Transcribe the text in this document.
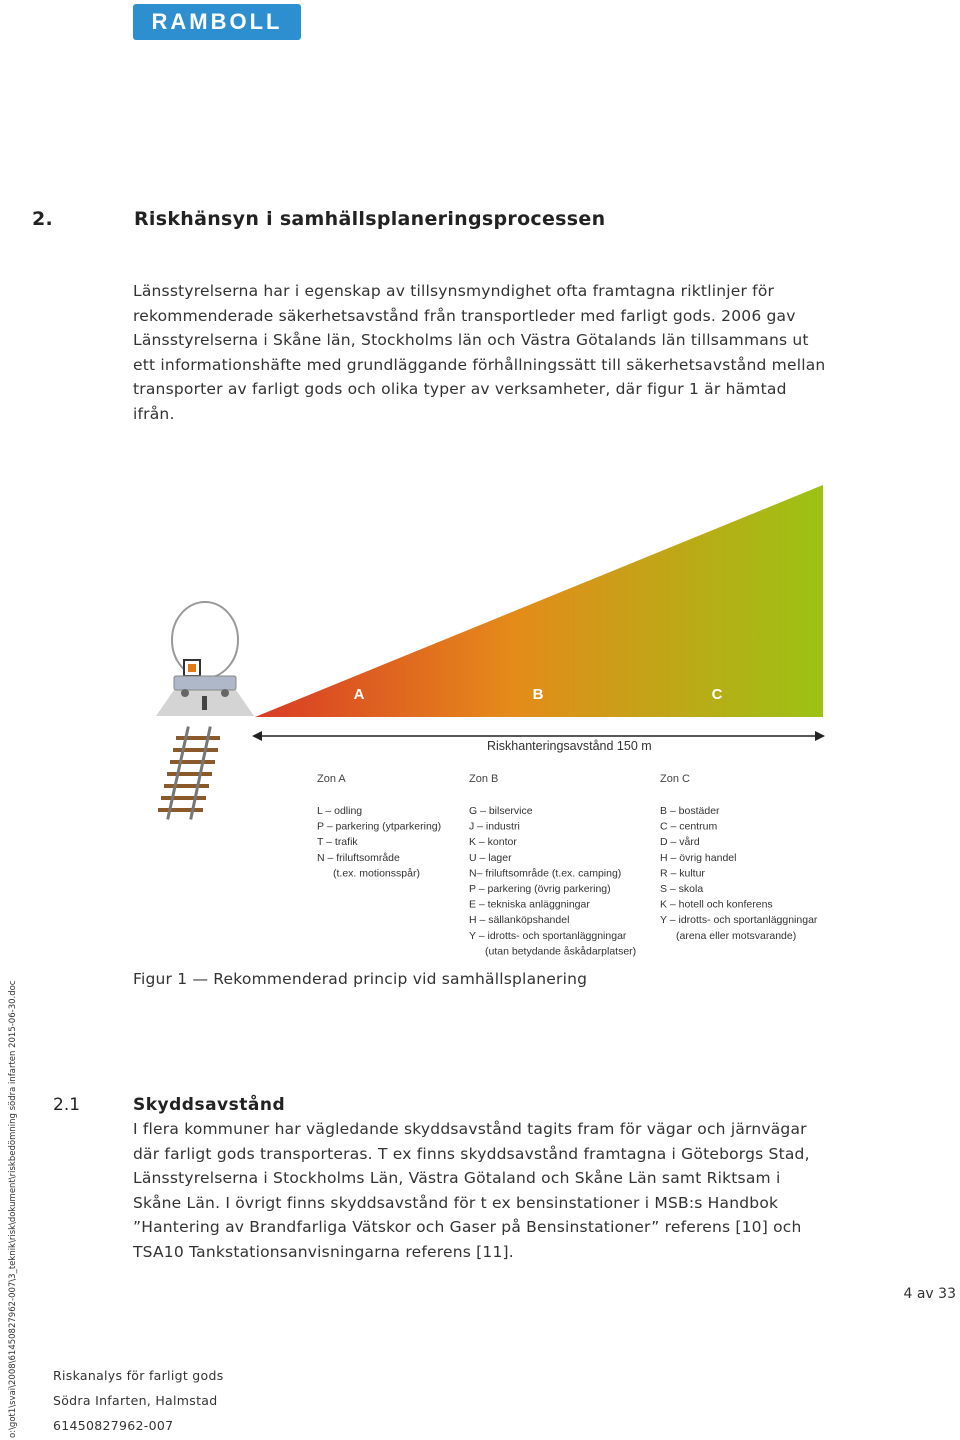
RAMBOLL
2.	Riskhänsyn i samhällsplaneringsprocessen
Länsstyrelserna har i egenskap av tillsynsmyndighet ofta framtagna riktlinjer för rekommenderade säkerhetsavstånd från transportleder med farligt gods. 2006 gav Länsstyrelserna i Skåne län, Stockholms län och Västra Götalands län tillsammans ut ett informationshäfte med grundläggande förhållningssätt till säkerhetsavstånd mellan transporter av farligt gods och olika typer av verksamheter, där figur 1 är hämtad ifrån.
A	B	C
Riskhanteringsavstånd 150 m
Zon A
L – odling
P – parkering (ytparkering)
T – trafik
N – friluftsområde
(t.ex. motionsspår)
Zon B
G – bilservice
J – industri
K – kontor
U – lager
N– friluftsområde (t.ex. camping)
P – parkering (övrig parkering)
E – tekniska anläggningar
H – sällanköpshandel
Y – idrotts- och sportanläggningar
(utan betydande åskådarplatser)
Zon C
B – bostäder
C – centrum
D – vård
H – övrig handel
R – kultur
S – skola
K – hotell och konferens
Y – idrotts- och sportanläggningar
(arena eller motsvarande)
Figur 1 — Rekommenderad princip vid samhällsplanering
2.1	Skyddsavstånd
I flera kommuner har vägledande skyddsavstånd tagits fram för vägar och järnvägar där farligt gods transporteras. T ex finns skyddsavstånd framtagna i Göteborgs Stad, Länsstyrelserna i Stockholms Län, Västra Götaland och Skåne Län samt Riktsam i Skåne Län. I övrigt finns skyddsavstånd för t ex bensinstationer i MSB:s Handbok ”Hantering av Brandfarliga Vätskor och Gaser på Bensinstationer” referens [10] och TSA10 Tankstationsanvisningarna referens [11].
4 av 33
Riskanalys för farligt gods
Södra Infarten, Halmstad
61450827962-007
o:\got1\svai\2008\61450827962-007\3_teknik\risk\dokument\riskbedömning södra infarten 2015-06-30.doc
